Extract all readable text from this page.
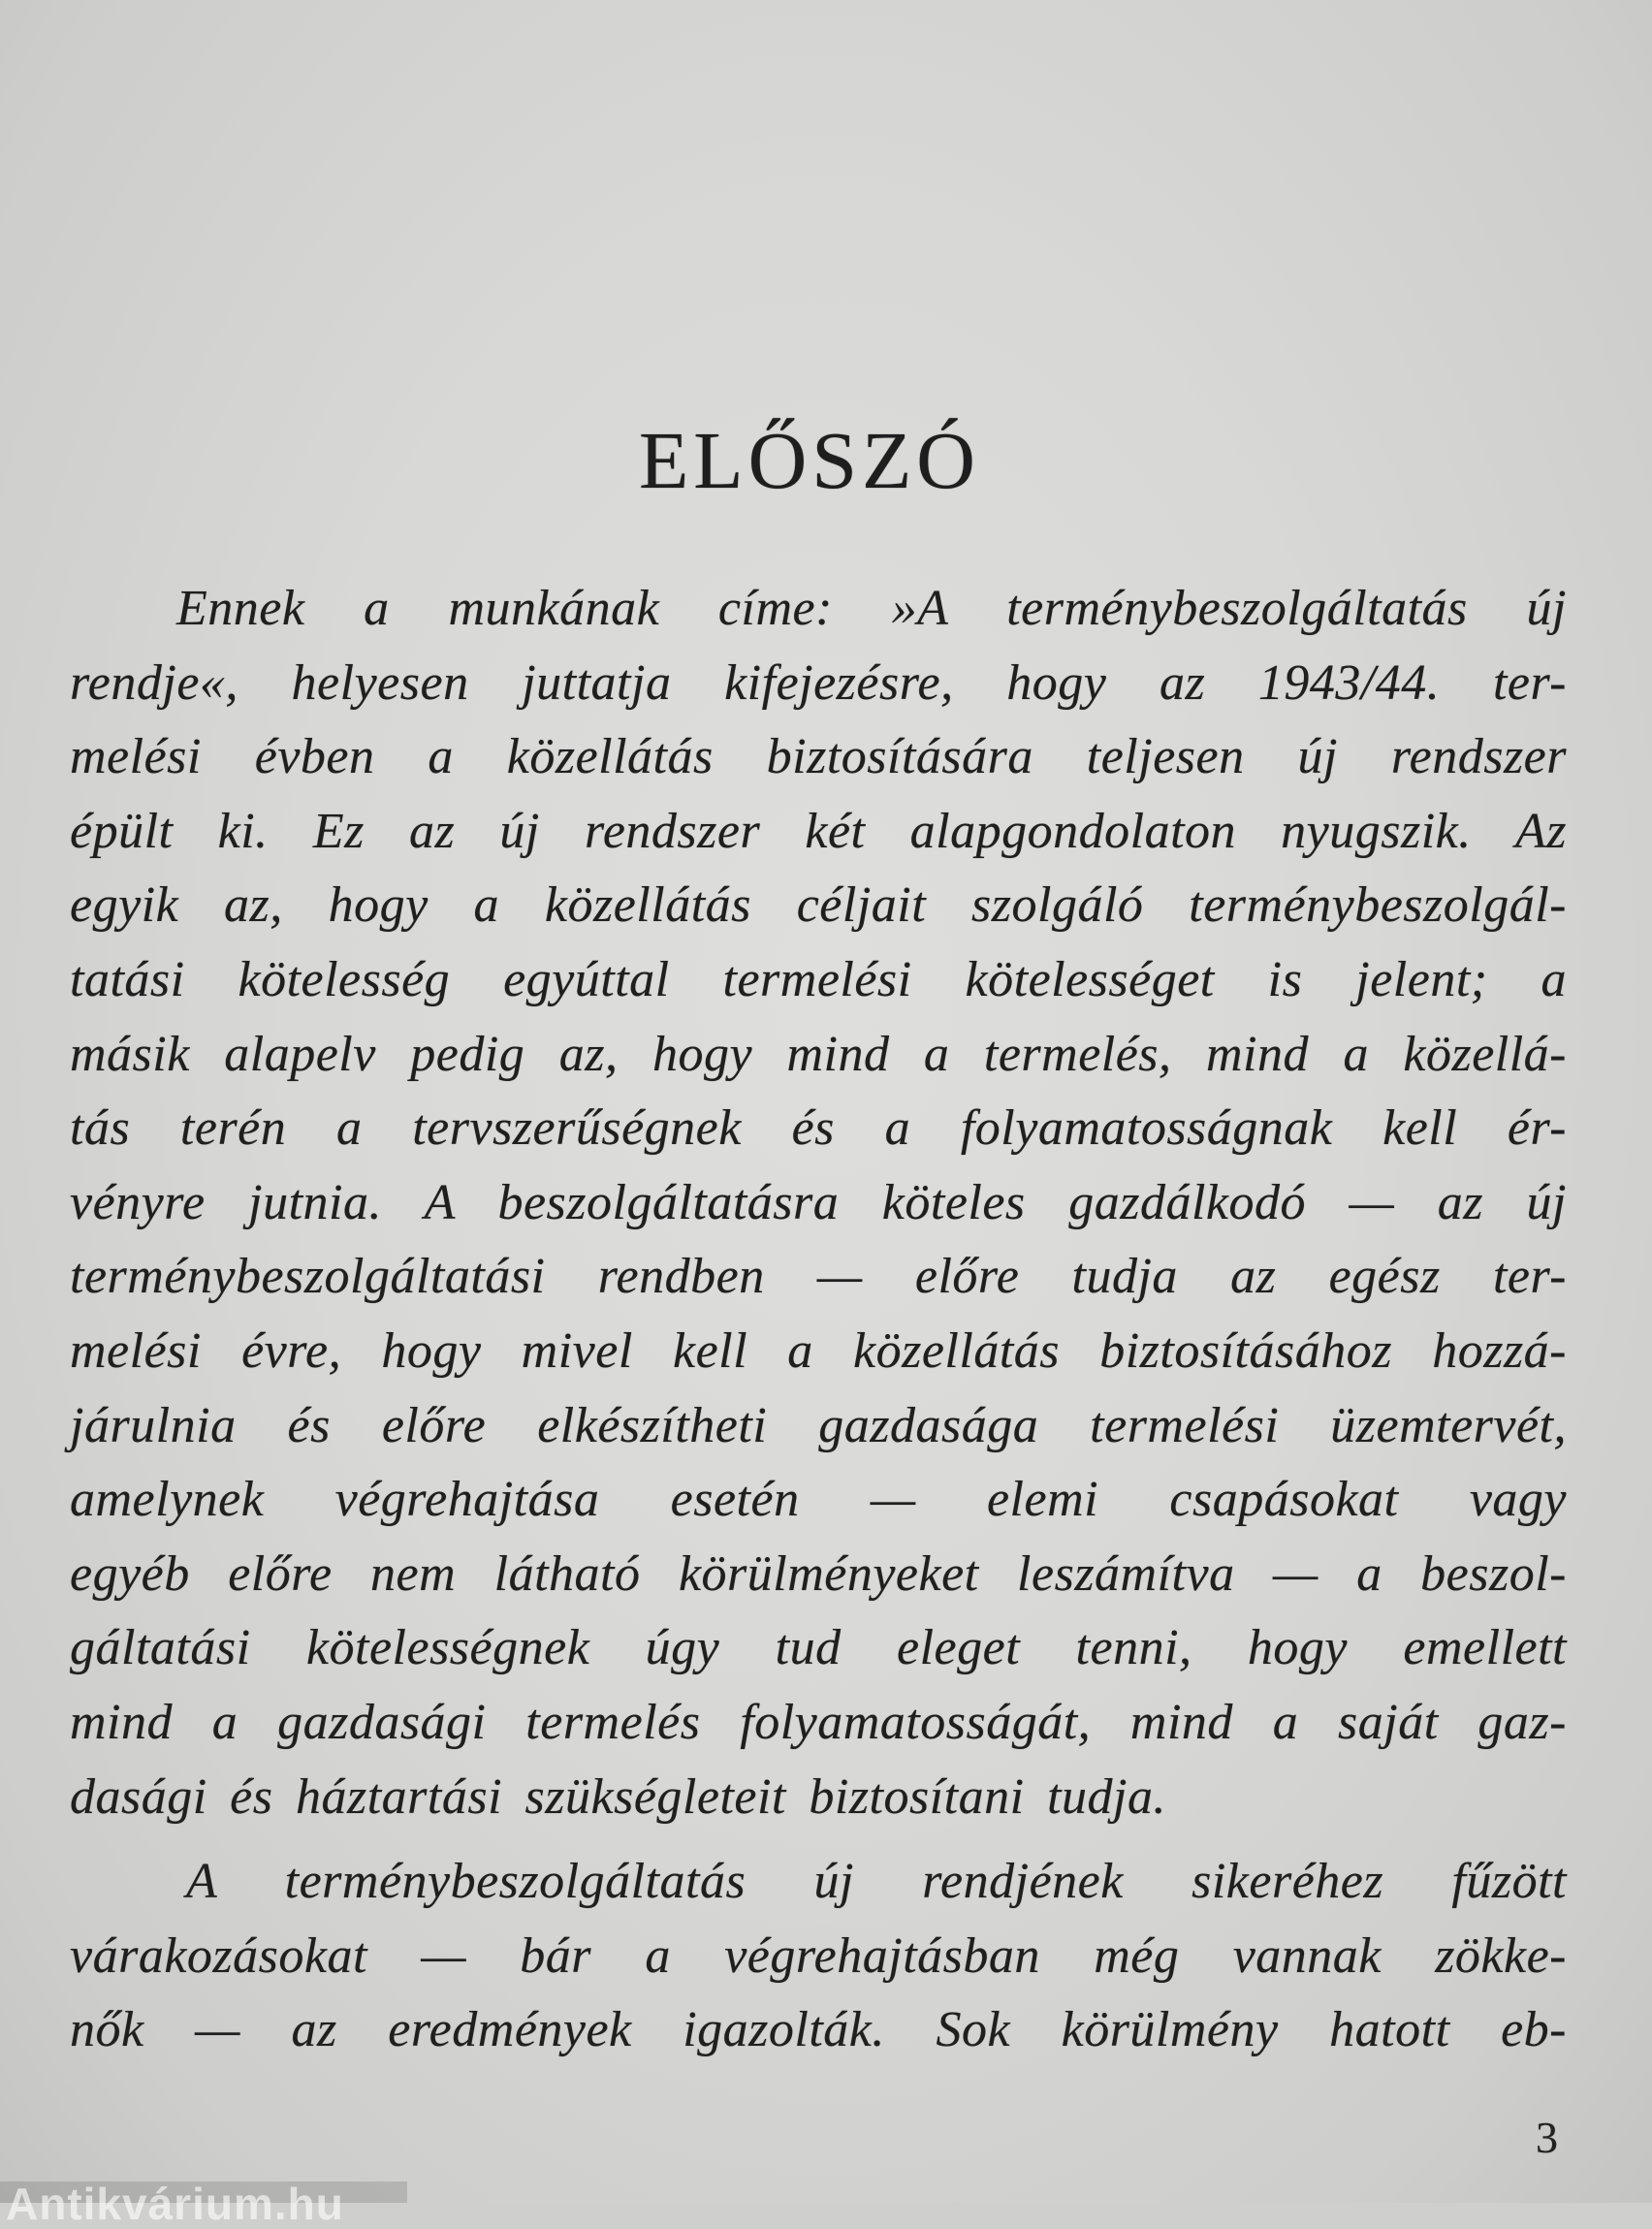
ELŐSZÓ
Ennek a munkának címe: »A terménybeszolgáltatás új
rendje«, helyesen juttatja kifejezésre, hogy az 1943/44. ter-
melési évben a közellátás biztosítására teljesen új rendszer
épült ki. Ez az új rendszer két alapgondolaton nyugszik. Az
egyik az, hogy a közellátás céljait szolgáló terménybeszolgál-
tatási kötelesség egyúttal termelési kötelességet is jelent; a
másik alapelv pedig az, hogy mind a termelés, mind a közellá-
tás terén a tervszerűségnek és a folyamatosságnak kell ér-
vényre jutnia. A beszolgáltatásra köteles gazdálkodó — az új
terménybeszolgáltatási rendben — előre tudja az egész ter-
melési évre, hogy mivel kell a közellátás biztosításához hozzá-
járulnia és előre elkészítheti gazdasága termelési üzemtervét,
amelynek végrehajtása esetén — elemi csapásokat vagy
egyéb előre nem látható körülményeket leszámítva — a beszol-
gáltatási kötelességnek úgy tud eleget tenni, hogy emellett
mind a gazdasági termelés folyamatosságát, mind a saját gaz-
dasági és háztartási szükségleteit biztosítani tudja.
A terménybeszolgáltatás új rendjének sikeréhez fűzött
várakozásokat — bár a végrehajtásban még vannak zökke-
nők — az eredmények igazolták. Sok körülmény hatott eb-
3
Antikvárium.hu
